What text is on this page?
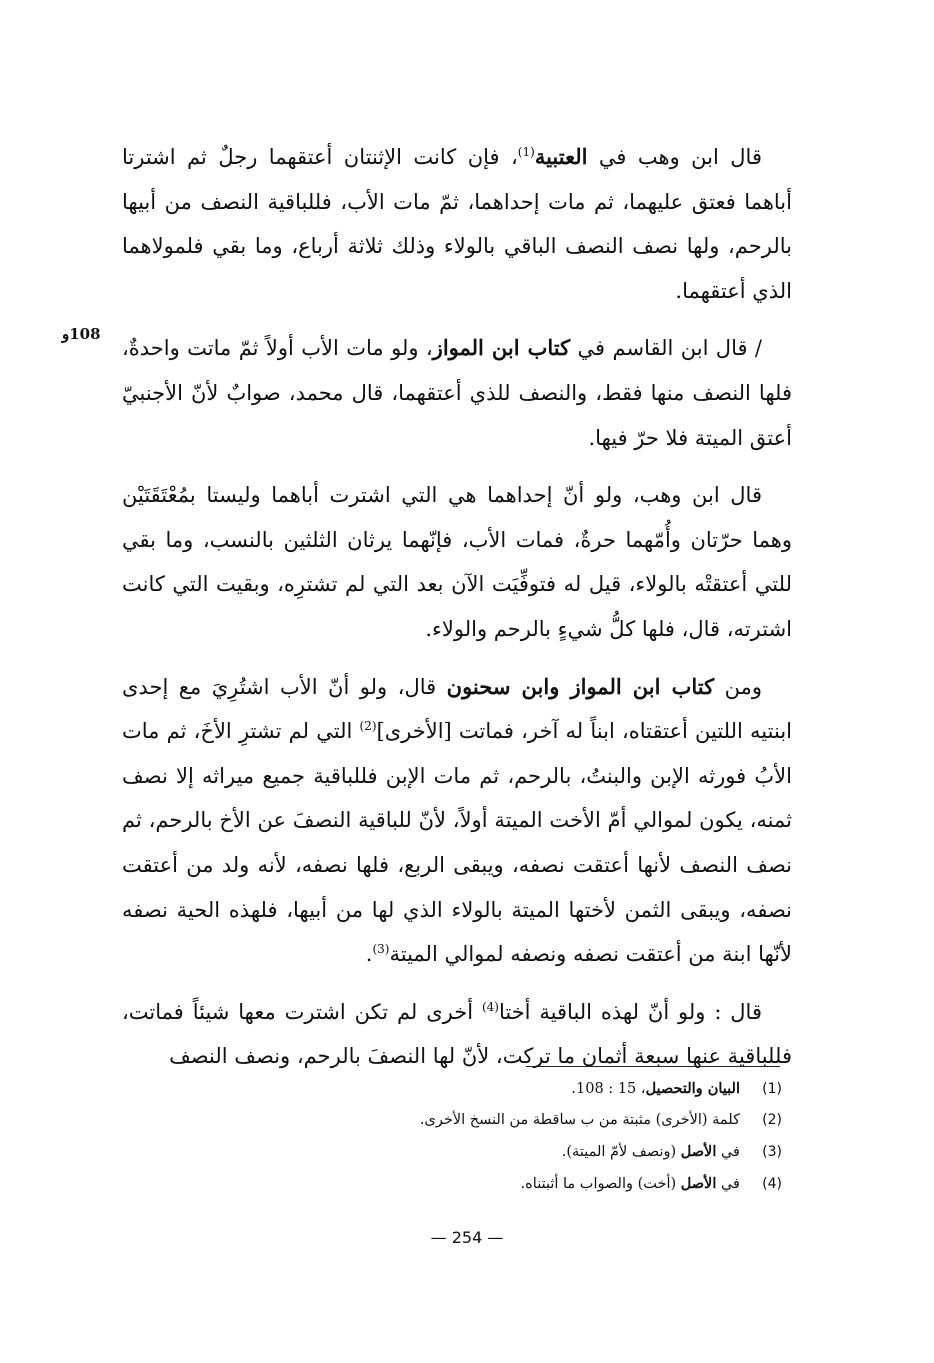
108و

قال ابن وهب في العتبية$^{(1)}$، فإن كانت الإثنتان أعتقهما رجلٌ ثم اشترتا أباهما فعتق عليهما، ثم مات إحداهما، ثمّ مات الأب، فللباقية النصف من أبيها بالرحم، ولها نصف النصف الباقي بالولاء وذلك ثلاثة أرباع، وما بقي فلمولاهما الذي أعتقهما.

/ قال ابن القاسم في كتاب ابن المواز، ولو مات الأب أولاً ثمّ ماتت واحدةٌ، فلها النصف منها فقط، والنصف للذي أعتقهما، قال محمد، صوابٌ لأنّ الأجنبيّ أعتق الميتة فلا حرّ فيها.

قال ابن وهب، ولو أنّ إحداهما هي التي اشترت أباهما وليستا بمُعْتَقَتَيْن وهما حرّتان وأُمّهما حرةٌ، فمات الأب، فإنّهما يرثان الثلثين بالنسب، وما بقي للتي أعتقتْه بالولاء، قيل له فتوفِّيَت الآن بعد التي لم تشترِه، وبقيت التي كانت اشترته، قال، فلها كلُّ شيءٍ بالرحم والولاء.

ومن كتاب ابن المواز وابن سحنون قال، ولو أنّ الأب اشتُرِيَ مع إحدى ابنتيه اللتين أعتقتاه، ابناً له آخر، فماتت [الأخرى]$^{(2)}$ التي لم تشترِ الأخَ، ثم مات الأبُ فورثه الإبن والبنتُ، بالرحم، ثم مات الإبن فللباقية جميع ميراثه إلا نصف ثمنه، يكون لموالي أمّ الأخت الميتة أولاً، لأنّ للباقية النصفَ عن الأخ بالرحم، ثم نصف النصف لأنها أعتقت نصفه، ويبقى الربع، فلها نصفه، لأنه ولد من أعتقت نصفه، ويبقى الثمن لأختها الميتة بالولاء الذي لها من أبيها، فلهذه الحية نصفه لأنّها ابنة من أعتقت نصفه ونصفه لموالي الميتة$^{(3)}$.

قال : ولو أنّ لهذه الباقية أختا$^{(4)}$ أخرى لم تكن اشترت معها شيئاً فماتت، فللباقية عنها سبعة أثمان ما تركت، لأنّ لها النصفَ بالرحم، ونصف النصف

(1)
البيان والتحصيل، 15 : 108.
(2)
كلمة (الأخرى) مثبتة من ب ساقطة من النسخ الأخرى.
(3)
في الأصل (ونصف لأمّ الميتة).
(4)
في الأصل (أخت) والصواب ما أثبتناه.
— 254 —
